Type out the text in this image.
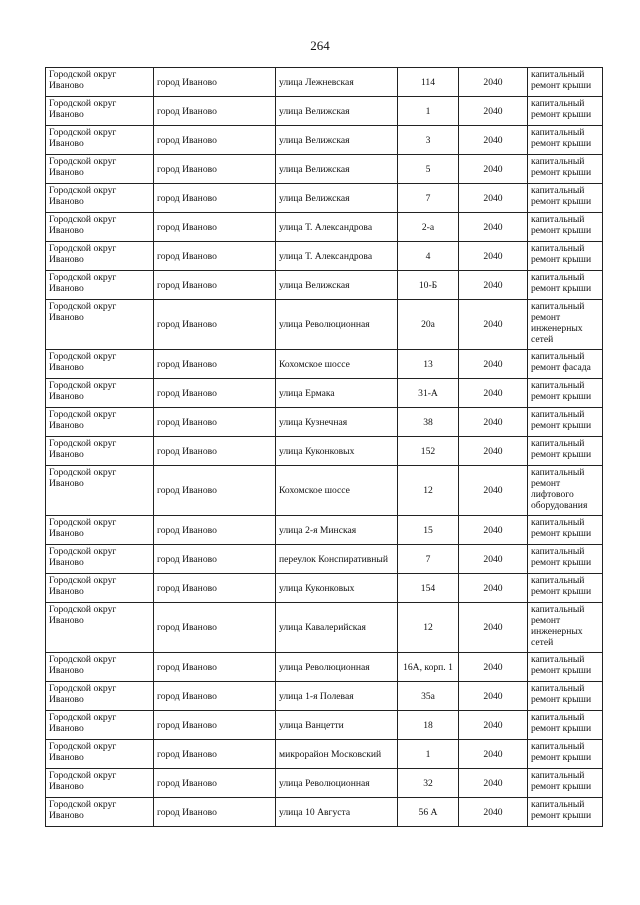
264
Городской округ Иваново	город Иваново	улица Лежневская	114	2040	капитальный ремонт крыши
Городской округ Иваново	город Иваново	улица Велижская	1	2040	капитальный ремонт крыши
Городской округ Иваново	город Иваново	улица Велижская	3	2040	капитальный ремонт крыши
Городской округ Иваново	город Иваново	улица Велижская	5	2040	капитальный ремонт крыши
Городской округ Иваново	город Иваново	улица Велижская	7	2040	капитальный ремонт крыши
Городской округ Иваново	город Иваново	улица Т. Александрова	2-а	2040	капитальный ремонт крыши
Городской округ Иваново	город Иваново	улица Т. Александрова	4	2040	капитальный ремонт крыши
Городской округ Иваново	город Иваново	улица Велижская	10-Б	2040	капитальный ремонт крыши
Городской округ Иваново	город Иваново	улица Революционная	20а	2040	капитальный ремонт инженерных сетей
Городской округ Иваново	город Иваново	Кохомское шоссе	13	2040	капитальный ремонт фасада
Городской округ Иваново	город Иваново	улица Ермака	31-А	2040	капитальный ремонт крыши
Городской округ Иваново	город Иваново	улица Кузнечная	38	2040	капитальный ремонт крыши
Городской округ Иваново	город Иваново	улица Куконковых	152	2040	капитальный ремонт крыши
Городской округ Иваново	город Иваново	Кохомское шоссе	12	2040	капитальный ремонт лифтового оборудования
Городской округ Иваново	город Иваново	улица 2-я Минская	15	2040	капитальный ремонт крыши
Городской округ Иваново	город Иваново	переулок Конспиративный	7	2040	капитальный ремонт крыши
Городской округ Иваново	город Иваново	улица Куконковых	154	2040	капитальный ремонт крыши
Городской округ Иваново	город Иваново	улица Кавалерийская	12	2040	капитальный ремонт инженерных сетей
Городской округ Иваново	город Иваново	улица Революционная	16А, корп. 1	2040	капитальный ремонт крыши
Городской округ Иваново	город Иваново	улица 1-я Полевая	35а	2040	капитальный ремонт крыши
Городской округ Иваново	город Иваново	улица Ванцетти	18	2040	капитальный ремонт крыши
Городской округ Иваново	город Иваново	микрорайон Московский	1	2040	капитальный ремонт крыши
Городской округ Иваново	город Иваново	улица Революционная	32	2040	капитальный ремонт крыши
Городской округ Иваново	город Иваново	улица 10 Августа	56 А	2040	капитальный ремонт крыши
